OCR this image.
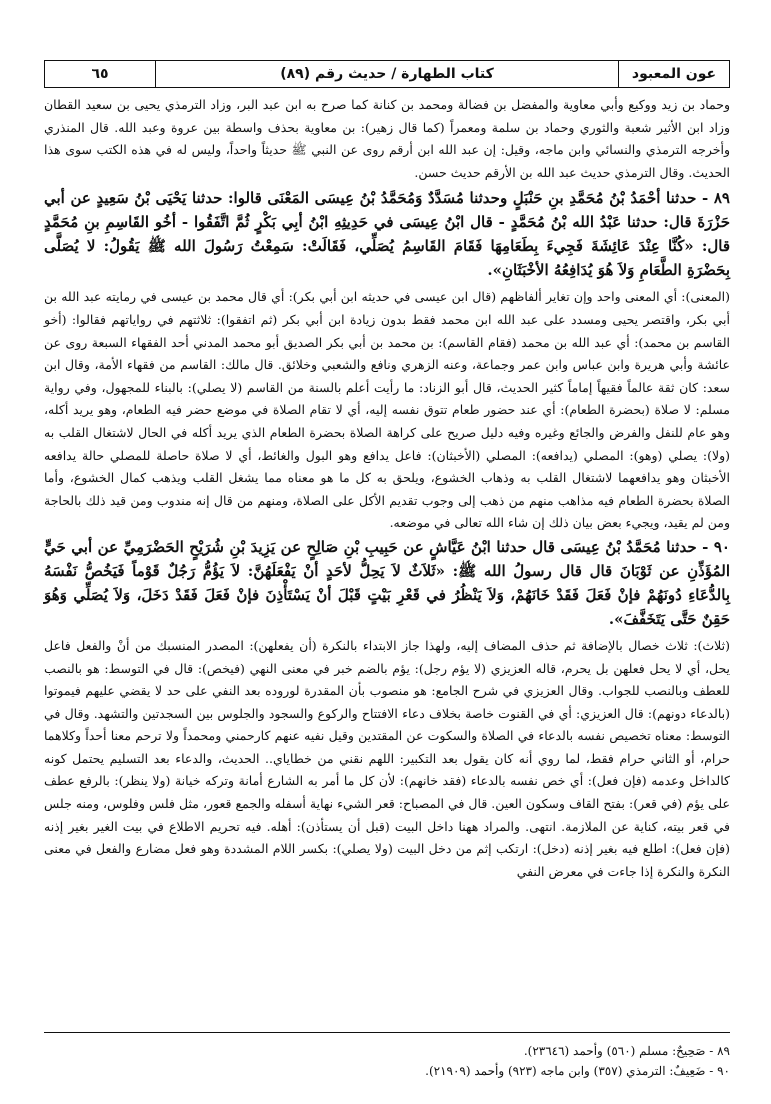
عون المعبود
كتاب الطهارة / حديث رقم (٨٩)
٦٥

وحماد بن زيد ووكيع وأبي معاوية والمفضل بن فضالة ومحمد بن كنانة كما صرح به ابن عبد البر، وزاد الترمذي يحيى بن سعيد القطان وزاد ابن الأثير شعبة والثوري وحماد بن سلمة ومعمراً (كما قال زهير): بن معاوية بحذف واسطة بين عروة وعبد الله. قال المنذري وأخرجه الترمذي والنسائي وابن ماجه، وقيل: إن عبد الله ابن أرقم روى عن النبي ﷺ حديثاً واحداً، وليس له في هذه الكتب سوى هذا الحديث. وقال الترمذي حديث عبد الله بن الأرقم حديث حسن.

٨٩ - حدثنا أحْمَدُ بْنُ مُحَمَّدِ بنِ حَنْبَلٍ وحدثنا مُسَدَّدٌ وَمُحَمَّدُ بْنُ عِيسَى المَعْنَى قالوا: حدثنا يَحْيَى بْنُ سَعِيدٍ عن أبي حَزْرَةَ قال: حدثنا عَبْدُ الله بْنُ مُحَمَّدٍ - قال ابْنُ عِيسَى في حَدِيثِهِ ابْنُ أبِي بَكْرٍ ثُمَّ اتَّفَقُوا - أخُو القَاسِمِ بنِ مُحَمَّدٍ قال: «كُنَّا عِنْدَ عَائِشَةَ فَجِيءَ بِطَعَامِهَا فَقَامَ القَاسِمُ يُصَلِّي، فَقَالَتْ: سَمِعْتُ رَسُولَ الله ﷺ يَقُولُ: لا يُصَلَّى بِحَضْرَةِ الطَّعَامِ وَلاَ هُوَ يُدَافِعُهُ الأخْبَثَانِ».

(المعنى): أي المعنى واحد وإن تغاير ألفاظهم (قال ابن عيسى في حديثه ابن أبي بكر): أي قال محمد بن عيسى في رمايته عبد الله بن أبي بكر، واقتصر يحيى ومسدد على عبد الله ابن محمد فقط بدون زيادة ابن أبي بكر (ثم اتفقوا): ثلاثتهم في رواياتهم فقالوا: (أخو القاسم بن محمد): أي عبد الله بن محمد (فقام القاسم): بن محمد بن أبي بكر الصديق أبو محمد المدني أحد الفقهاء السبعة روى عن عائشة وأبي هريرة وابن عباس وابن عمر وجماعة، وعنه الزهري ونافع والشعبي وخلائق. قال مالك: القاسم من فقهاء الأمة، وقال ابن سعد: كان ثقة عالماً فقيهاً إماماً كثير الحديث، قال أبو الزناد: ما رأيت أعلم بالسنة من القاسم (لا يصلي): بالبناء للمجهول، وفي رواية مسلم: لا صلاة (بحضرة الطعام): أي عند حضور طعام تتوق نفسه إليه، أي لا تقام الصلاة في موضع حضر فيه الطعام، وهو يريد أكله، وهو عام للنفل والفرض والجائع وغيره وفيه دليل صريح على كراهة الصلاة بحضرة الطعام الذي يريد أكله في الحال لاشتغال القلب به (ولا): يصلي (وهو): المصلي (يدافعه): المصلي (الأخبثان): فاعل يدافع وهو البول والغائط، أي لا صلاة حاصلة للمصلي حالة يدافعه الأخبثان وهو يدافعهما لاشتغال القلب به وذهاب الخشوع، ويلحق به كل ما هو معناه مما يشغل القلب ويذهب كمال الخشوع، وأما الصلاة بحضرة الطعام فيه مذاهب منهم من ذهب إلى وجوب تقديم الأكل على الصلاة، ومنهم من قال إنه مندوب ومن قيد ذلك بالحاجة ومن لم يقيد، ويجيء بعض بيان ذلك إن شاء الله تعالى في موضعه.

٩٠ - حدثنا مُحَمَّدُ بْنُ عِيسَى قال حدثنا ابْنُ عَيَّاشٍ عن حَبِيبِ بْنِ صَالِحٍ عن يَزِيدَ بْنِ شُرَيْحٍ الحَضْرَمِيِّ عن أبي حَيٍّ المُؤَذِّنِ عن ثَوْبَانَ قال قال رسولُ الله ﷺ: «ثَلاَثٌ لاَ يَحِلُّ لأحَدٍ أنْ يَفْعَلَهُنَّ: لاَ يَؤُمُّ رَجُلٌ قَوْماً فَيَخُصُّ نَفْسَهُ بِالدُّعَاءِ دُونَهُمْ فإنْ فَعَلَ فَقَدْ خَانَهُمْ، وَلاَ يَنْظُرُ في قَعْرِ بَيْتٍ قَبْلَ أنْ يَسْتَأْذِنَ فإنْ فَعَلَ فَقَدْ دَخَلَ، وَلاَ يُصَلِّي وَهُوَ حَقِنٌ حَتَّى يَتَخَفَّفَ».

(ثلاث): ثلاث خصال بالإضافة ثم حذف المضاف إليه، ولهذا جاز الابتداء بالنكرة (أن يفعلهن): المصدر المنسبك من أنْ والفعل فاعل يحل، أي لا يحل فعلهن بل يحرم، قاله العزيزي (لا يؤم رجل): يؤم بالضم خبر في معنى النهي (فيخص): قال في التوسط: هو بالنصب للعطف وبالنصب للجواب. وقال العزيزي في شرح الجامع: هو منصوب بأن المقدرة لوروده بعد النفي على حد لا يقضي عليهم فيموتوا (بالدعاء دونهم): قال العزيزي: أي في القنوت خاصة بخلاف دعاء الافتتاح والركوع والسجود والجلوس بين السجدتين والتشهد. وقال في التوسط: معناه تخصيص نفسه بالدعاء في الصلاة والسكوت عن المقتدين وقيل نفيه عنهم كارحمني ومحمداً ولا ترحم معنا أحداً وكلاهما حرام، أو الثاني حرام فقط، لما روي أنه كان يقول بعد التكبير: اللهم نقني من خطاياي.. الحديث، والدعاء بعد التسليم يحتمل كونه كالداخل وعدمه (فإن فعل): أي خص نفسه بالدعاء (فقد خانهم): لأن كل ما أمر به الشارع أمانة وتركه خيانة (ولا ينظر): بالرفع عطف على يؤم (في قعر): بفتح القاف وسكون العين. قال في المصباح: قعر الشيء نهاية أسفله والجمع قعور، مثل فلس وفلوس، ومنه جلس في قعر بيته، كناية عن الملازمة. انتهى. والمراد ههنا داخل البيت (قبل أن يستأذن): أهله. فيه تحريم الاطلاع في بيت الغير بغير إذنه (فإن فعل): اطلع فيه بغير إذنه (دخل): ارتكب إثم من دخل البيت (ولا يصلي): بكسر اللام المشددة وهو فعل مضارع والفعل في معنى النكرة والنكرة إذا جاءت في معرض النفي

٨٩ - صَحِيحٌ: مسلم (٥٦٠) وأحمد (٢٣٦٤٦).
٩٠ - ضَعِيفٌ: الترمذي (٣٥٧) وابن ماجه (٩٢٣) وأحمد (٢١٩٠٩).
